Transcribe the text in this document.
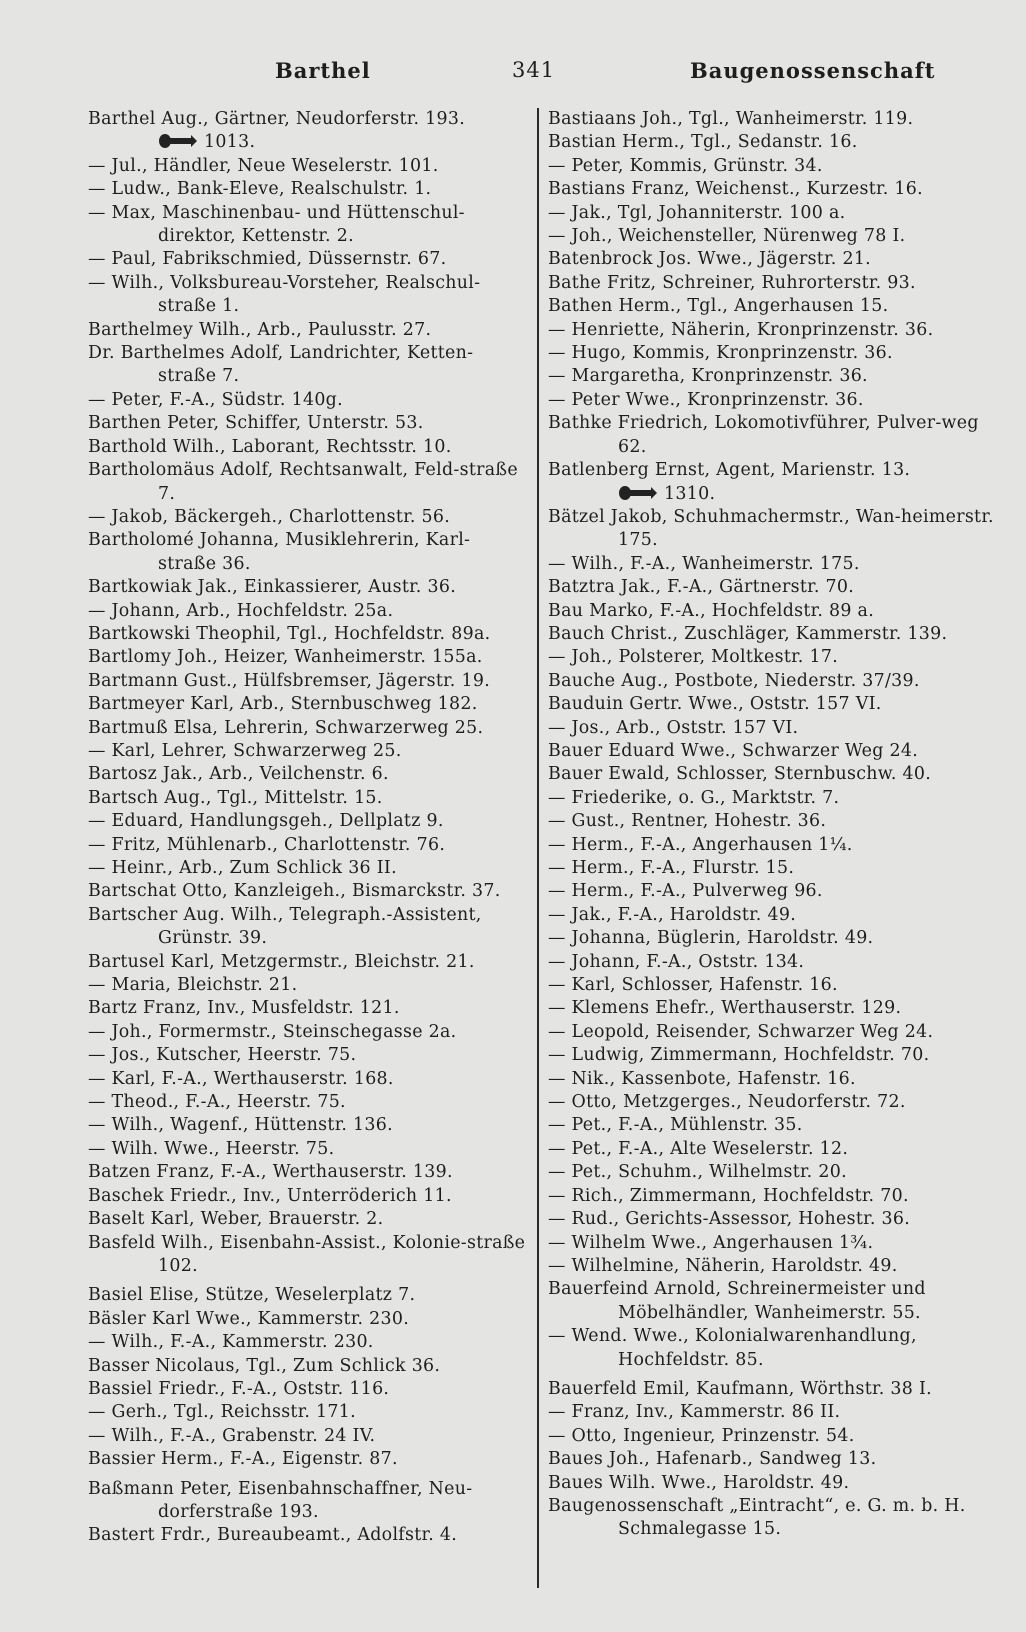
Barthel	341	Baugenossenschaft
Barthel Aug., Gärtner, Neudorferstr. 193.
1013.
— Jul., Händler, Neue Weselerstr. 101.
— Ludw., Bank-Eleve, Realschulstr. 1.
— Max, Maschinenbau- und Hüttenschul-direktor, Kettenstr. 2.
— Paul, Fabrikschmied, Düssernstr. 67.
— Wilh., Volksbureau-Vorsteher, Realschul-straße 1.
Barthelmey Wilh., Arb., Paulusstr. 27.
Dr. Barthelmes Adolf, Landrichter, Ketten-straße 7.
— Peter, F.-A., Südstr. 140g.
Barthen Peter, Schiffer, Unterstr. 53.
Barthold Wilh., Laborant, Rechtsstr. 10.
Bartholomäus Adolf, Rechtsanwalt, Feld-straße 7.
— Jakob, Bäckergeh., Charlottenstr. 56.
Bartholomé Johanna, Musiklehrerin, Karl-straße 36.
Bartkowiak Jak., Einkassierer, Austr. 36.
— Johann, Arb., Hochfeldstr. 25a.
Bartkowski Theophil, Tgl., Hochfeldstr. 89a.
Bartlomy Joh., Heizer, Wanheimerstr. 155a.
Bartmann Gust., Hülfsbremser, Jägerstr. 19.
Bartmeyer Karl, Arb., Sternbuschweg 182.
Bartmuß Elsa, Lehrerin, Schwarzerweg 25.
— Karl, Lehrer, Schwarzerweg 25.
Bartosz Jak., Arb., Veilchenstr. 6.
Bartsch Aug., Tgl., Mittelstr. 15.
— Eduard, Handlungsgeh., Dellplatz 9.
— Fritz, Mühlenarb., Charlottenstr. 76.
— Heinr., Arb., Zum Schlick 36 II.
Bartschat Otto, Kanzleigeh., Bismarckstr. 37.
Bartscher Aug. Wilh., Telegraph.-Assistent, Grünstr. 39.
Bartusel Karl, Metzgermstr., Bleichstr. 21.
— Maria, Bleichstr. 21.
Bartz Franz, Inv., Musfeldstr. 121.
— Joh., Formermstr., Steinschegasse 2a.
— Jos., Kutscher, Heerstr. 75.
— Karl, F.-A., Werthauserstr. 168.
— Theod., F.-A., Heerstr. 75.
— Wilh., Wagenf., Hüttenstr. 136.
— Wilh. Wwe., Heerstr. 75.
Batzen Franz, F.-A., Werthauserstr. 139.
Baschek Friedr., Inv., Unterröderich 11.
Baselt Karl, Weber, Brauerstr. 2.
Basfeld Wilh., Eisenbahn-Assist., Kolonie-straße 102.
Basiel Elise, Stütze, Weselerplatz 7.
Bäsler Karl Wwe., Kammerstr. 230.
— Wilh., F.-A., Kammerstr. 230.
Basser Nicolaus, Tgl., Zum Schlick 36.
Bassiel Friedr., F.-A., Oststr. 116.
— Gerh., Tgl., Reichsstr. 171.
— Wilh., F.-A., Grabenstr. 24 IV.
Bassier Herm., F.-A., Eigenstr. 87.
Baßmann Peter, Eisenbahnschaffner, Neu-dorferstraße 193.
Bastert Frdr., Bureaubeamt., Adolfstr. 4.
Bastiaans Joh., Tgl., Wanheimerstr. 119.
Bastian Herm., Tgl., Sedanstr. 16.
— Peter, Kommis, Grünstr. 34.
Bastians Franz, Weichenst., Kurzestr. 16.
— Jak., Tgl, Johanniterstr. 100 a.
— Joh., Weichensteller, Nürenweg 78 I.
Batenbrock Jos. Wwe., Jägerstr. 21.
Bathe Fritz, Schreiner, Ruhrorterstr. 93.
Bathen Herm., Tgl., Angerhausen 15.
— Henriette, Näherin, Kronprinzenstr. 36.
— Hugo, Kommis, Kronprinzenstr. 36.
— Margaretha, Kronprinzenstr. 36.
— Peter Wwe., Kronprinzenstr. 36.
Bathke Friedrich, Lokomotivführer, Pulver-weg 62.
Batlenberg Ernst, Agent, Marienstr. 13.
1310.
Bätzel Jakob, Schuhmachermstr., Wan-heimerstr. 175.
— Wilh., F.-A., Wanheimerstr. 175.
Batztra Jak., F.-A., Gärtnerstr. 70.
Bau Marko, F.-A., Hochfeldstr. 89 a.
Bauch Christ., Zuschläger, Kammerstr. 139.
— Joh., Polsterer, Moltkestr. 17.
Bauche Aug., Postbote, Niederstr. 37/39.
Bauduin Gertr. Wwe., Oststr. 157 VI.
— Jos., Arb., Oststr. 157 VI.
Bauer Eduard Wwe., Schwarzer Weg 24.
Bauer Ewald, Schlosser, Sternbuschw. 40.
— Friederike, o. G., Marktstr. 7.
— Gust., Rentner, Hohestr. 36.
— Herm., F.-A., Angerhausen 1¼.
— Herm., F.-A., Flurstr. 15.
— Herm., F.-A., Pulverweg 96.
— Jak., F.-A., Haroldstr. 49.
— Johanna, Büglerin, Haroldstr. 49.
— Johann, F.-A., Oststr. 134.
— Karl, Schlosser, Hafenstr. 16.
— Klemens Ehefr., Werthauserstr. 129.
— Leopold, Reisender, Schwarzer Weg 24.
— Ludwig, Zimmermann, Hochfeldstr. 70.
— Nik., Kassenbote, Hafenstr. 16.
— Otto, Metzgerges., Neudorferstr. 72.
— Pet., F.-A., Mühlenstr. 35.
— Pet., F.-A., Alte Weselerstr. 12.
— Pet., Schuhm., Wilhelmstr. 20.
— Rich., Zimmermann, Hochfeldstr. 70.
— Rud., Gerichts-Assessor, Hohestr. 36.
— Wilhelm Wwe., Angerhausen 1¾.
— Wilhelmine, Näherin, Haroldstr. 49.
Bauerfeind Arnold, Schreinermeister und Möbelhändler, Wanheimerstr. 55.
— Wend. Wwe., Kolonialwarenhandlung, Hochfeldstr. 85.
Bauerfeld Emil, Kaufmann, Wörthstr. 38 I.
— Franz, Inv., Kammerstr. 86 II.
— Otto, Ingenieur, Prinzenstr. 54.
Baues Joh., Hafenarb., Sandweg 13.
Baues Wilh. Wwe., Haroldstr. 49.
Baugenossenschaft „Eintracht“, e. G. m. b. H. Schmalegasse 15.
